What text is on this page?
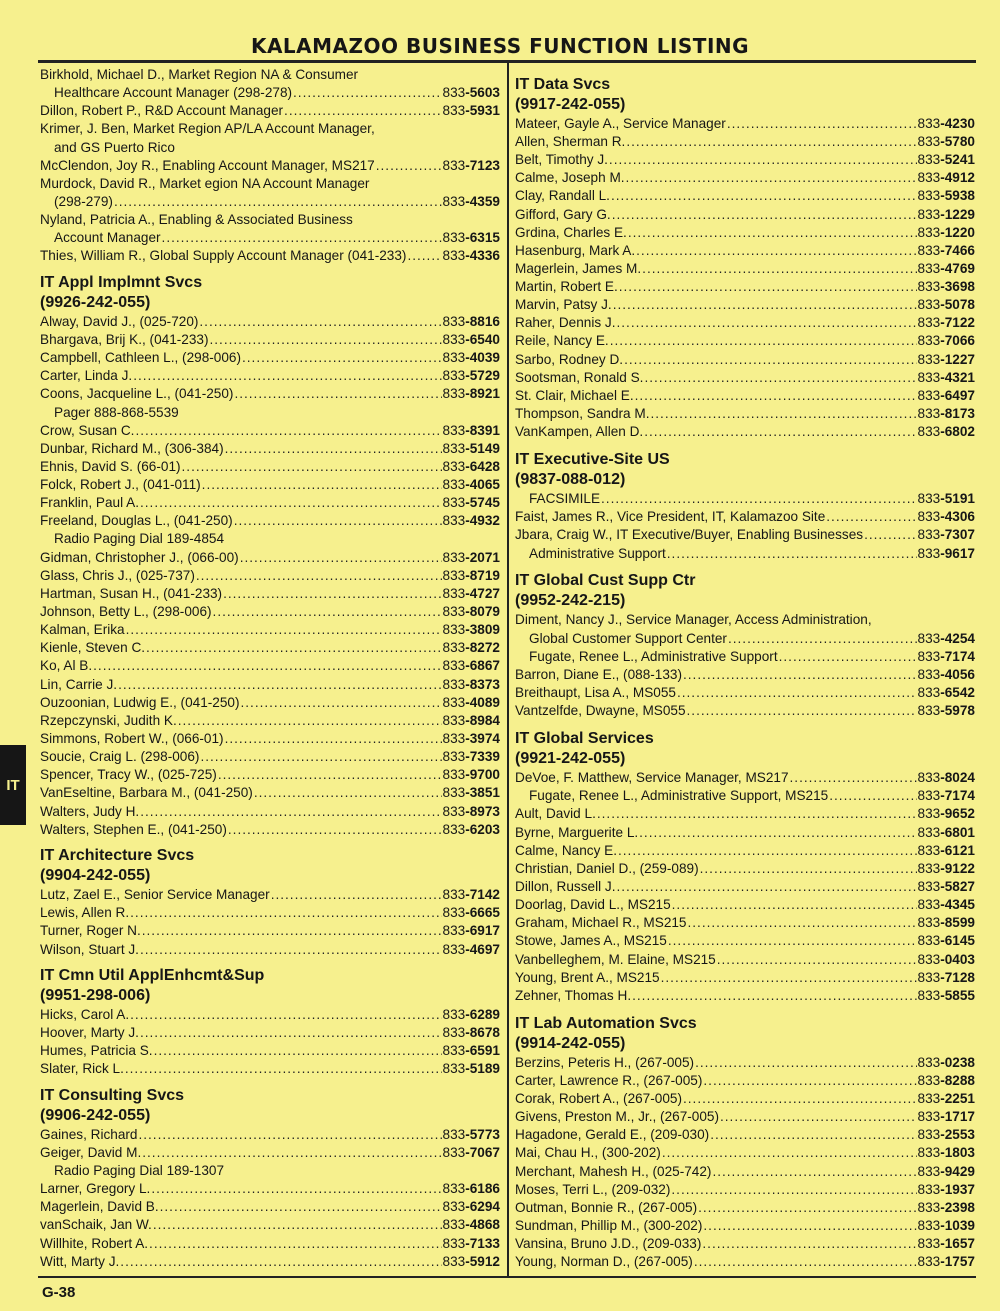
KALAMAZOO BUSINESS FUNCTION LISTING
Birkhold, Michael D., Market Region NA & Consumer
Healthcare Account Manager (298-278) .....	833-5603
Dillon, Robert P., R&D Account Manager .....	833-5931
Krimer, J. Ben, Market Region AP/LA Account Manager,
and GS Puerto Rico
McClendon, Joy R., Enabling Account Manager, MS217 .....	833-7123
Murdock, David R., Market egion NA Account Manager
(298-279) .....	833-4359
Nyland, Patricia A., Enabling & Associated Business
Account Manager .....	833-6315
Thies, William R., Global Supply Account Manager (041-233) .....	833-4336
IT Appl Implmnt Svcs
(9926-242-055)
Alway, David J., (025-720) .....	833-8816
Bhargava, Brij K., (041-233) .....	833-6540
Campbell, Cathleen L., (298-006) .....	833-4039
Carter, Linda J. .....	833-5729
Coons, Jacqueline L., (041-250) .....	833-8921
Pager 888-868-5539
Crow, Susan C. .....	833-8391
Dunbar, Richard M., (306-384) .....	833-5149
Ehnis, David S. (66-01) .....	833-6428
Folck, Robert J., (041-011) .....	833-4065
Franklin, Paul A. .....	833-5745
Freeland, Douglas L., (041-250) .....	833-4932
Radio Paging Dial 189-4854
Gidman, Christopher J., (066-00) .....	833-2071
Glass, Chris J., (025-737) .....	833-8719
Hartman, Susan H., (041-233) .....	833-4727
Johnson, Betty L., (298-006) .....	833-8079
Kalman, Erika .....	833-3809
Kienle, Steven C. .....	833-8272
Ko, Al B. .....	833-6867
Lin, Carrie J. .....	833-8373
Ouzoonian, Ludwig E., (041-250) .....	833-4089
Rzepczynski, Judith K. .....	833-8984
Simmons, Robert W., (066-01) .....	833-3974
Soucie, Craig L. (298-006) .....	833-7339
Spencer, Tracy W., (025-725) .....	833-9700
VanEseltine, Barbara M., (041-250) .....	833-3851
Walters, Judy H. .....	833-8973
Walters, Stephen E., (041-250) .....	833-6203
IT Architecture Svcs
(9904-242-055)
Lutz, Zael E., Senior Service Manager .....	833-7142
Lewis, Allen R. .....	833-6665
Turner, Roger N. .....	833-6917
Wilson, Stuart J. .....	833-4697
IT Cmn Util ApplEnhcmt&Sup
(9951-298-006)
Hicks, Carol A. .....	833-6289
Hoover, Marty J. .....	833-8678
Humes, Patricia S. .....	833-6591
Slater, Rick L. .....	833-5189
IT Consulting Svcs
(9906-242-055)
Gaines, Richard .....	833-5773
Geiger, David M. .....	833-7067
Radio Paging Dial 189-1307
Larner, Gregory L. .....	833-6186
Magerlein, David B. .....	833-6294
vanSchaik, Jan W. .....	833-4868
Willhite, Robert A. .....	833-7133
Witt, Marty J. .....	833-5912
IT Data Svcs
(9917-242-055)
Mateer, Gayle A., Service Manager .....	833-4230
Allen, Sherman R. .....	833-5780
Belt, Timothy J. .....	833-5241
Calme, Joseph M. .....	833-4912
Clay, Randall L. .....	833-5938
Gifford, Gary G. .....	833-1229
Grdina, Charles E. .....	833-1220
Hasenburg, Mark A. .....	833-7466
Magerlein, James M. .....	833-4769
Martin, Robert E. .....	833-3698
Marvin, Patsy J. .....	833-5078
Raher, Dennis J. .....	833-7122
Reile, Nancy E. .....	833-7066
Sarbo, Rodney D. .....	833-1227
Sootsman, Ronald S. .....	833-4321
St. Clair, Michael E. .....	833-6497
Thompson, Sandra M. .....	833-8173
VanKampen, Allen D. .....	833-6802
IT Executive-Site US
(9837-088-012)
FACSIMILE .....	833-5191
Faist, James R., Vice President, IT, Kalamazoo Site .....	833-4306
Jbara, Craig W., IT Executive/Buyer, Enabling Businesses .....	833-7307
Administrative Support .....	833-9617
IT Global Cust Supp Ctr
(9952-242-215)
Diment, Nancy J., Service Manager, Access Administration,
Global Customer Support Center .....	833-4254
Fugate, Renee L., Administrative Support .....	833-7174
Barron, Diane E., (088-133) .....	833-4056
Breithaupt, Lisa A., MS055 .....	833-6542
Vantzelfde, Dwayne, MS055 .....	833-5978
IT Global Services
(9921-242-055)
DeVoe, F. Matthew, Service Manager, MS217 .....	833-8024
Fugate, Renee L., Administrative Support, MS215 .....	833-7174
Ault, David L. .....	833-9652
Byrne, Marguerite L. .....	833-6801
Calme, Nancy E. .....	833-6121
Christian, Daniel D., (259-089) .....	833-9122
Dillon, Russell J. .....	833-5827
Doorlag, David L., MS215 .....	833-4345
Graham, Michael R., MS215 .....	833-8599
Stowe, James A., MS215 .....	833-6145
Vanbelleghem, M. Elaine, MS215 .....	833-0403
Young, Brent A., MS215 .....	833-7128
Zehner, Thomas H. .....	833-5855
IT Lab Automation Svcs
(9914-242-055)
Berzins, Peteris H., (267-005) .....	833-0238
Carter, Lawrence R., (267-005) .....	833-8288
Corak, Robert A., (267-005) .....	833-2251
Givens, Preston M., Jr., (267-005) .....	833-1717
Hagadone, Gerald E., (209-030) .....	833-2553
Mai, Chau H., (300-202) .....	833-1803
Merchant, Mahesh H., (025-742) .....	833-9429
Moses, Terri L., (209-032) .....	833-1937
Outman, Bonnie R., (267-005) .....	833-2398
Sundman, Phillip M., (300-202) .....	833-1039
Vansina, Bruno J.D., (209-033) .....	833-1657
Young, Norman D., (267-005) .....	833-1757
IT
G-38
